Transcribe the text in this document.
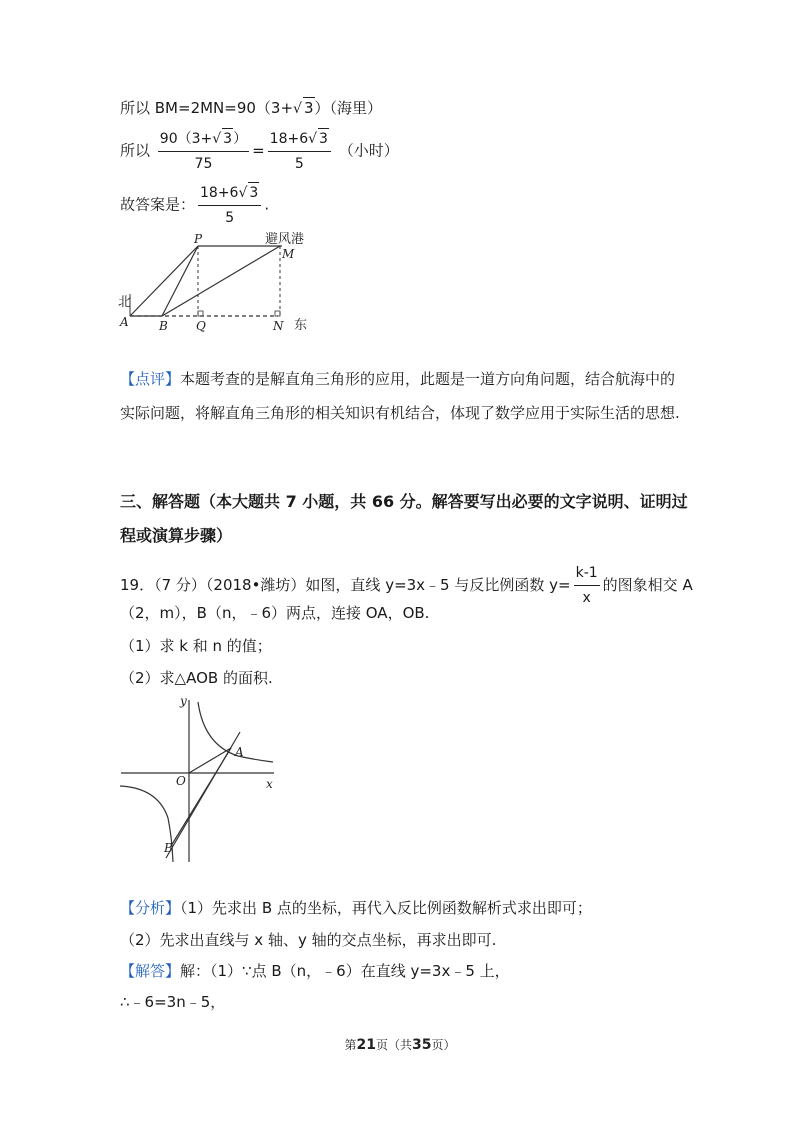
所以 BM=2MN=90（3+√ 3）（海里）
所以 $\frac{90(3+√ 3)}{75} = \frac{18+6√ 3}{5}$ （小时）
故答案是： $\frac{18+6√ 3}{5}$ .
P
M
A	B Q	N
北
东
避风港
【点评】本题考查的是解直角三角形的应用，此题是一道方向角问题，结合航海中的实际问题，将解直角三角形的相关知识有机结合，体现了数学应用于实际生活的思想.
三、解答题（本大题共 7 小题，共 66 分。解答要写出必要的文字说明、证明过程或演算步骤）
19．（7 分）（2018•潍坊）如图，直线 y=3x﹣5 与反比例函数 $y= \frac{k-1}{x}$ 的图象相交 A
（2，m），B（n，﹣6）两点，连接 OA，OB.
（1）求 k 和 n 的值；
（2）求△AOB 的面积.
y
x
O
A
B
【分析】（1）先求出 B 点的坐标，再代入反比例函数解析式求出即可；
（2）先求出直线与 x 轴、y 轴的交点坐标，再求出即可.
【解答】解：（1）∵点 B（n，﹣6）在直线 y=3x﹣5 上，
∴﹣6=3n﹣5，
第21页（共35页）
